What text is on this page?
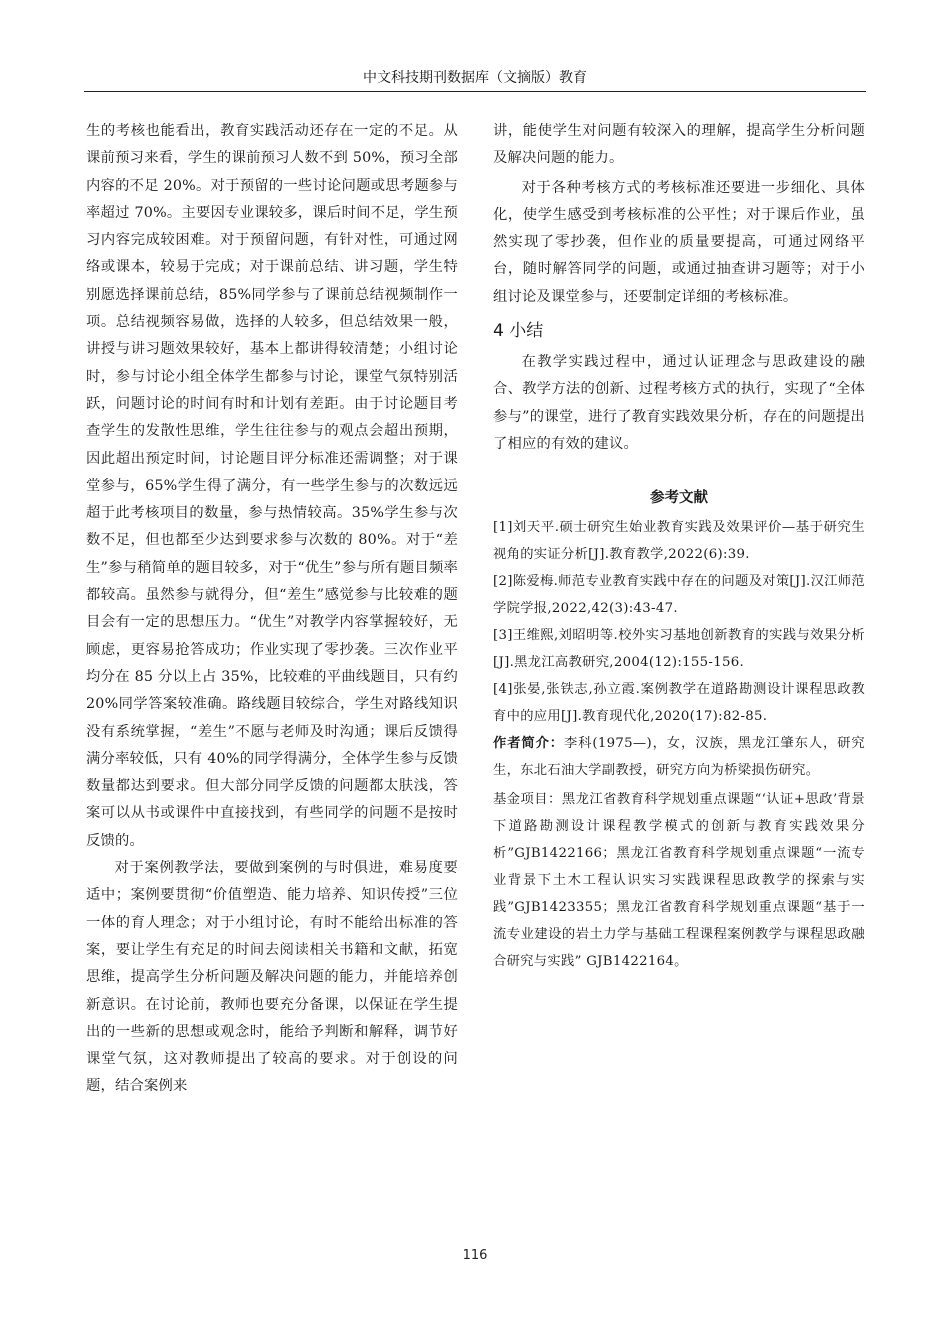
中文科技期刊数据库（文摘版）教育

生的考核也能看出，教育实践活动还存在一定的不足。从课前预习来看，学生的课前预习人数不到 50%，预习全部内容的不足 20%。对于预留的一些讨论问题或思考题参与率超过 70%。主要因专业课较多，课后时间不足，学生预习内容完成较困难。对于预留问题，有针对性，可通过网络或课本，较易于完成；对于课前总结、讲习题，学生特别愿选择课前总结，85%同学参与了课前总结视频制作一项。总结视频容易做，选择的人较多，但总结效果一般，讲授与讲习题效果较好，基本上都讲得较清楚；小组讨论时，参与讨论小组全体学生都参与讨论，课堂气氛特别活跃，问题讨论的时间有时和计划有差距。由于讨论题目考查学生的发散性思维，学生往往参与的观点会超出预期，因此超出预定时间，讨论题目评分标准还需调整；对于课堂参与，65%学生得了满分，有一些学生参与的次数远远超于此考核项目的数量，参与热情较高。35%学生参与次数不足，但也都至少达到要求参与次数的 80%。对于“差生”参与稍简单的题目较多，对于“优生”参与所有题目频率都较高。虽然参与就得分，但“差生”感觉参与比较难的题目会有一定的思想压力。“优生”对教学内容掌握较好，无顾虑，更容易抢答成功；作业实现了零抄袭。三次作业平均分在 85 分以上占 35%，比较难的平曲线题目，只有约 20%同学答案较准确。路线题目较综合，学生对路线知识没有系统掌握，“差生”不愿与老师及时沟通；课后反馈得满分率较低，只有 40%的同学得满分，全体学生参与反馈数量都达到要求。但大部分同学反馈的问题都太肤浅，答案可以从书或课件中直接找到，有些同学的问题不是按时反馈的。

对于案例教学法，要做到案例的与时俱进，难易度要适中；案例要贯彻“价值塑造、能力培养、知识传授”三位一体的育人理念；对于小组讨论，有时不能给出标准的答案，要让学生有充足的时间去阅读相关书籍和文献，拓宽思维，提高学生分析问题及解决问题的能力，并能培养创新意识。在讨论前，教师也要充分备课，以保证在学生提出的一些新的思想或观念时，能给予判断和解释，调节好课堂气氛，这对教师提出了较高的要求。对于创设的问题，结合案例来

讲，能使学生对问题有较深入的理解，提高学生分析问题及解决问题的能力。

对于各种考核方式的考核标准还要进一步细化、具体化，使学生感受到考核标准的公平性；对于课后作业，虽然实现了零抄袭，但作业的质量要提高，可通过网络平台，随时解答同学的问题，或通过抽查讲习题等；对于小组讨论及课堂参与，还要制定详细的考核标准。

4 小结

在教学实践过程中，通过认证理念与思政建设的融合、教学方法的创新、过程考核方式的执行，实现了“全体参与”的课堂，进行了教育实践效果分析，存在的问题提出了相应的有效的建议。

参考文献

[1]刘天平.硕士研究生始业教育实践及效果评价—基于研究生视角的实证分析[J].教育教学,2022(6):39.

[2]陈爱梅.师范专业教育实践中存在的问题及对策[J].汉江师范学院学报,2022,42(3):43-47.

[3]王维熙,刘昭明等.校外实习基地创新教育的实践与效果分析[J].黑龙江高教研究,2004(12):155-156.

[4]张晏,张铁志,孙立霞.案例教学在道路勘测设计课程思政教育中的应用[J].教育现代化,2020(17):82-85.

作者简介：李科(1975—)，女，汉族，黑龙江肇东人，研究生，东北石油大学副教授，研究方向为桥梁损伤研究。

基金项目：黑龙江省教育科学规划重点课题“‘认证+思政’背景下道路勘测设计课程教学模式的创新与教育实践效果分析”GJB1422166；黑龙江省教育科学规划重点课题“一流专业背景下土木工程认识实习实践课程思政教学的探索与实践”GJB1423355；黑龙江省教育科学规划重点课题“基于一流专业建设的岩土力学与基础工程课程案例教学与课程思政融合研究与实践” GJB1422164。

116
